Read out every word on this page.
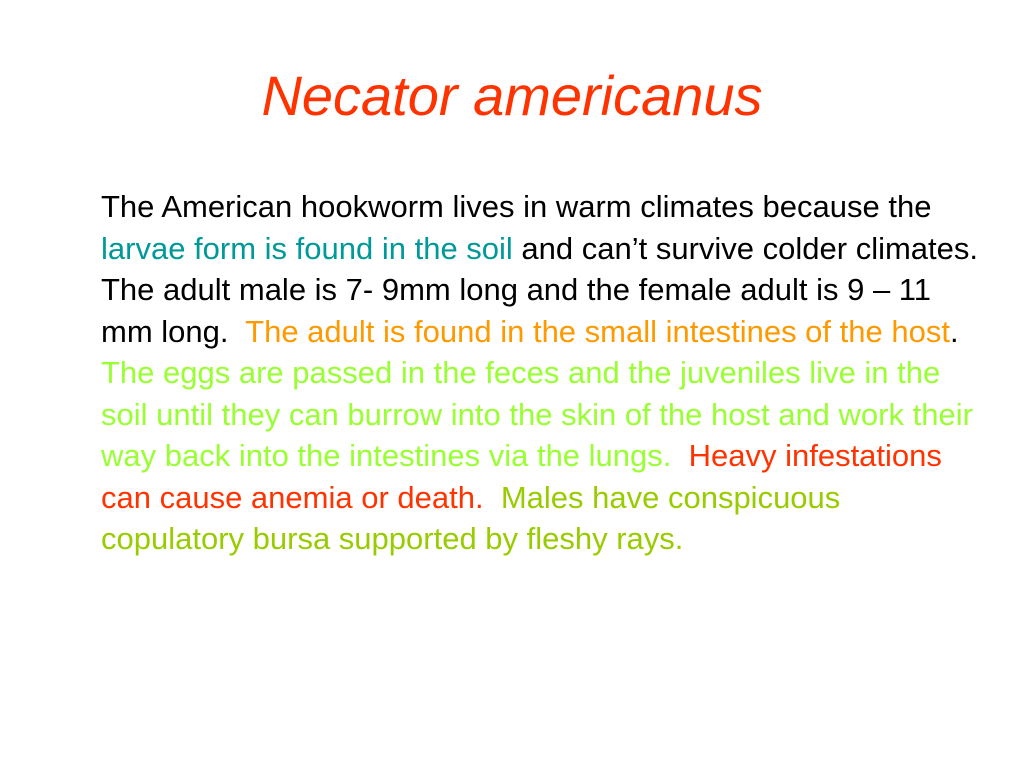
Necator americanus

The American hookworm lives in warm climates because the larvae form is found in the soil and can’t survive colder climates.  The adult male is 7- 9mm long and the female adult is 9 – 11 mm long.  The adult is found in the small intestines of the host. The eggs are passed in the feces and the juveniles live in the soil until they can burrow into the skin of the host and work their way back into the intestines via the lungs.  Heavy infestations can cause anemia or death.  Males have conspicuous copulatory bursa supported by fleshy rays.
